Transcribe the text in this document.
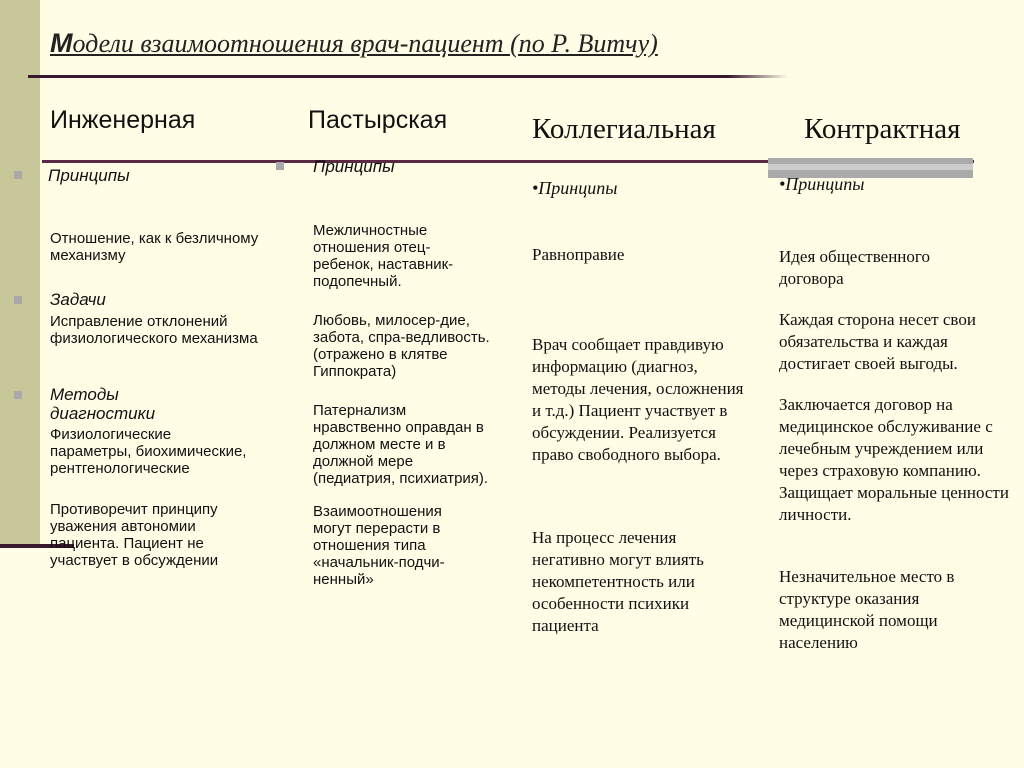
Модели взаимоотношения врач-пациент (по Р. Витчу)
Инженерная

Принципы

Отношение, как к безличному механизму

Задачи

Исправление отклонений физиологического механизма

Методы диагностики

Физиологические параметры, биохимические, рентгенологические

Противоречит принципу уважения автономии пациента. Пациент не участвует в обсуждении

Пастырская

Принципы

Межличностные отношения отец-ребенок, наставник-подопечный.

Любовь, милосер-дие, забота, спра-ведливость. (отражено в клятве Гиппократа)

Патернализм нравственно оправдан в должном месте и в должной мере (педиатрия, психиатрия).

Взаимоотношения могут перерасти в отношения типа «начальник-подчи-ненный»

Коллегиальная

•Принципы

Равноправие

Врач сообщает правдивую информацию (диагноз, методы лечения, осложнения и т.д.) Пациент участвует в обсуждении. Реализуется право свободного выбора.

На процесс лечения негативно могут влиять некомпетентность или особенности психики пациента

Контрактная

•Принципы

Идея общественного договора

Каждая сторона несет свои обязательства и каждая достигает своей выгоды.

Заключается договор на медицинское обслуживание с лечебным учреждением или через страховую компанию. Защищает моральные ценности личности.

Незначительное место в структуре оказания медицинской помощи населению
